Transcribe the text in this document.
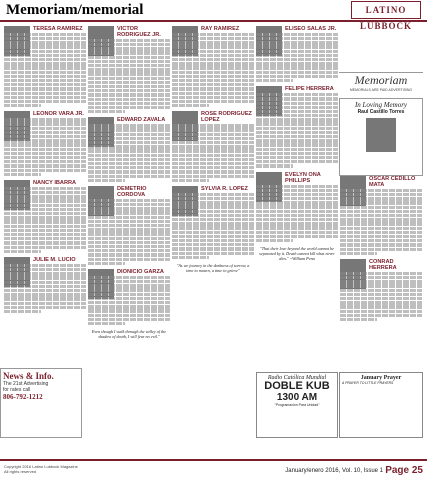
Memoriam/memorial	LATINO LUBBOCK
TERESA RAMIREZ
LEONOR VARA JR.
NANCY IBARRA
JULIE M. LUCIO
VICTOR RODRIGUEZ JR.
EDWARD ZAVALA
DEMETRIO CORDOVA
DIONICIO GARZA
Even though I walk through the valley of the shadow of death, I will fear no evil."
RAY RAMIREZ
ROSE RODRIGUEZ LOPEZ
SYLVIA R. LOPEZ
"As we journey in the darkness of sorrow, a time to mourn, a time to grieve"
ELISEO SALAS JR.
FELIPE HERRERA
EVELYN ONA PHILLIPS
"That their love beyond the world cannot be separated by it. Death cannot kill what never dies." ~William Penn
OSCAR CEDILLO MATA
CONRAD HERRERA
News & Info.
The 21st Advertising
for rates call
806-792-1212
Memoriam
MEMORIALS ARE PAID ADVERTISING
In Loving Memory
Raul Castillo Torres
Radio Católica Mundial
DOBLE KUB
1300 AM
"Programación Para Unidad"
January Prayer
A PRAYER TO LITTLE PRAYERS
Copyright 2016 Latino Lubbock Magazine
All rights reserved	January/enero 2016, Vol. 10, Issue 1 Page 25
